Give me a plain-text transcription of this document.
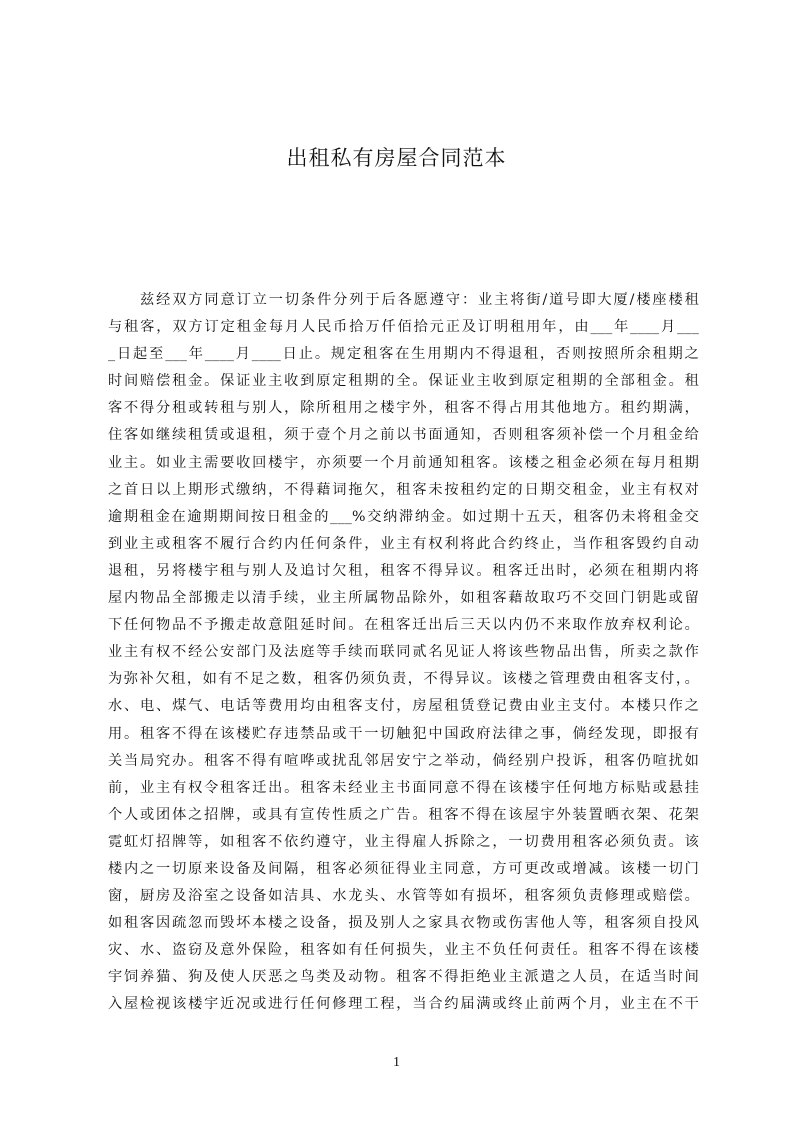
出租私有房屋合同范本
兹经双方同意订立一切条件分列于后各愿遵守：业主将街/道号即大厦/楼座楼租
与租客，双方订定租金每月人民币拾万仟佰拾元正及订明租用年，由___年____月___
_日起至___年____月____日止。规定租客在生用期内不得退租，否则按照所余租期之
时间赔偿租金。保证业主收到原定租期的全。保证业主收到原定租期的全部租金。租
客不得分租或转租与别人，除所租用之楼宇外，租客不得占用其他地方。租约期满，
住客如继续租赁或退租，须于壹个月之前以书面通知，否则租客须补偿一个月租金给
业主。如业主需要收回楼宇，亦须要一个月前通知租客。该楼之租金必须在每月租期
之首日以上期形式缴纳，不得藉词拖欠，租客未按租约定的日期交租金，业主有权对
逾期租金在逾期期间按日租金的___%交纳滞纳金。如过期十五天，租客仍未将租金交
到业主或租客不履行合约内任何条件，业主有权利将此合约终止，当作租客毁约自动
退租，另将楼宇租与别人及追讨欠租，租客不得异议。租客迁出时，必须在租期内将
屋内物品全部搬走以清手续，业主所属物品除外，如租客藉故取巧不交回门钥匙或留
下任何物品不予搬走故意阻延时间。在租客迁出后三天以内仍不来取作放弃权利论。
业主有权不经公安部门及法庭等手续而联同贰名见证人将该些物品出售，所卖之款作
为弥补欠租，如有不足之数，租客仍须负责，不得异议。该楼之管理费由租客支付，。
水、电、煤气、电话等费用均由租客支付，房屋租赁登记费由业主支付。本楼只作之
用。租客不得在该楼贮存违禁品或干一切触犯中国政府法律之事，倘经发现，即报有
关当局究办。租客不得有喧哗或扰乱邻居安宁之举动，倘经别户投诉，租客仍喧扰如
前，业主有权令租客迁出。租客未经业主书面同意不得在该楼宇任何地方标贴或悬挂
个人或团体之招牌，或具有宣传性质之广告。租客不得在该屋宇外装置晒衣架、花架
霓虹灯招牌等，如租客不依约遵守，业主得雇人拆除之，一切费用租客必须负责。该
楼内之一切原来设备及间隔，租客必须征得业主同意，方可更改或增减。该楼一切门
窗，厨房及浴室之设备如洁具、水龙头、水管等如有损坏，租客须负责修理或赔偿。
如租客因疏忽而毁坏本楼之设备，损及别人之家具衣物或伤害他人等，租客须自投风
灾、水、盗窃及意外保险，租客如有任何损失，业主不负任何责任。租客不得在该楼
宇饲养猫、狗及使人厌恶之鸟类及动物。租客不得拒绝业主派遣之人员，在适当时间
入屋检视该楼宇近况或进行任何修理工程，当合约届满或终止前两个月，业主在不干
1
